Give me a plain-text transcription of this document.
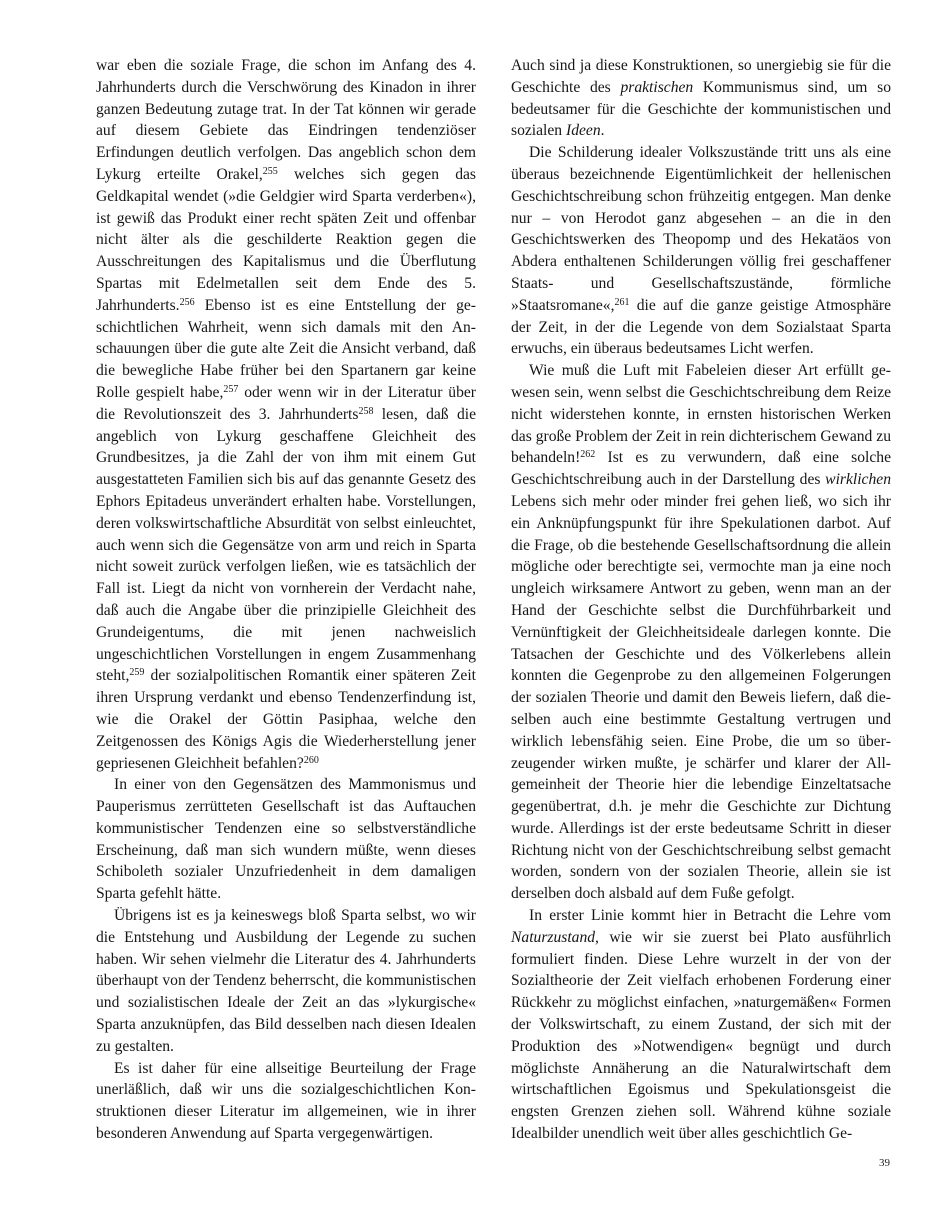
war eben die soziale Frage, die schon im Anfang des 4. Jahrhunderts durch die Verschwörung des Kinadon in ihrer ganzen Bedeutung zutage trat. In der Tat können wir gerade auf diesem Gebiete das Eindringen tendenziöser Erfindungen deutlich verfolgen. Das angeblich schon dem Lykurg erteilte Orakel,$^{255}$ welches sich gegen das Geldkapital wendet (»die Geldgier wird Sparta verderben«), ist gewiß das Produkt einer recht späten Zeit und offenbar nicht älter als die geschilderte Reaktion gegen die Ausschreitungen des Kapitalismus und die Überflutung Spartas mit Edelmetallen seit dem Ende des 5. Jahrhunderts.$^{256}$ Ebenso ist es eine Entstellung der geschichtlichen Wahrheit, wenn sich damals mit den Anschauungen über die gute alte Zeit die Ansicht verband, daß die bewegliche Habe früher bei den Spartanern gar keine Rolle gespielt habe,$^{257}$ oder wenn wir in der Literatur über die Revolutionszeit des 3. Jahrhunderts$^{258}$ lesen, daß die angeblich von Lykurg geschaffene Gleichheit des Grundbesitzes, ja die Zahl der von ihm mit einem Gut ausgestatteten Familien sich bis auf das genannte Gesetz des Ephors Epitadeus unverändert erhalten habe. Vorstellungen, deren volkswirtschaftliche Absurdität von selbst einleuchtet, auch wenn sich die Gegensätze von arm und reich in Sparta nicht soweit zurück verfolgen ließen, wie es tatsächlich der Fall ist. Liegt da nicht von vornherein der Verdacht nahe, daß auch die Angabe über die prinzipielle Gleichheit des Grundeigentums, die mit jenen nachweislich ungeschichtlichen Vorstellungen in engem Zusammenhang steht,$^{259}$ der sozialpolitischen Romantik einer späteren Zeit ihren Ursprung verdankt und ebenso Tendenzerfindung ist, wie die Orakel der Göttin Pasiphaa, welche den Zeitgenossen des Königs Agis die Wiederherstellung jener gepriesenen Gleichheit befahlen?$^{260}$

In einer von den Gegensätzen des Mammonismus und Pauperismus zerrütteten Gesellschaft ist das Auftauchen kommunistischer Tendenzen eine so selbstverständliche Erscheinung, daß man sich wundern müßte, wenn dieses Schiboleth sozialer Unzufriedenheit in dem damaligen Sparta gefehlt hätte.

Übrigens ist es ja keineswegs bloß Sparta selbst, wo wir die Entstehung und Ausbildung der Legende zu suchen haben. Wir sehen vielmehr die Literatur des 4. Jahrhunderts überhaupt von der Tendenz beherrscht, die kommunistischen und sozialistischen Ideale der Zeit an das »lykurgische« Sparta anzuknüpfen, das Bild desselben nach diesen Idealen zu gestalten.

Es ist daher für eine allseitige Beurteilung der Frage unerläßlich, daß wir uns die sozialgeschichtlichen Konstruktionen dieser Literatur im allgemeinen, wie in ihrer besonderen Anwendung auf Sparta vergegenwärtigen.

Auch sind ja diese Konstruktionen, so unergiebig sie für die Geschichte des praktischen Kommunismus sind, um so bedeutsamer für die Geschichte der kommunistischen und sozialen Ideen.

Die Schilderung idealer Volkszustände tritt uns als eine überaus bezeichnende Eigentümlichkeit der hellenischen Geschichtschreibung schon frühzeitig entgegen. Man denke nur – von Herodot ganz abgesehen – an die in den Geschichtswerken des Theopomp und des Hekatäos von Abdera enthaltenen Schilderungen völlig frei geschaffener Staats- und Gesellschaftszustände, förmliche »Staatsromane«,$^{261}$ die auf die ganze geistige Atmosphäre der Zeit, in der die Legende von dem Sozialstaat Sparta erwuchs, ein überaus bedeutsames Licht werfen.

Wie muß die Luft mit Fabeleien dieser Art erfüllt gewesen sein, wenn selbst die Geschichtschreibung dem Reize nicht widerstehen konnte, in ernsten historischen Werken das große Problem der Zeit in rein dichterischem Gewand zu behandeln!$^{262}$ Ist es zu verwundern, daß eine solche Geschichtschreibung auch in der Darstellung des wirklichen Lebens sich mehr oder minder frei gehen ließ, wo sich ihr ein Anknüpfungspunkt für ihre Spekulationen darbot. Auf die Frage, ob die bestehende Gesellschaftsordnung die allein mögliche oder berechtigte sei, vermochte man ja eine noch ungleich wirksamere Antwort zu geben, wenn man an der Hand der Geschichte selbst die Durchführbarkeit und Vernünftigkeit der Gleichheitsideale darlegen konnte. Die Tatsachen der Geschichte und des Völkerlebens allein konnten die Gegenprobe zu den allgemeinen Folgerungen der sozialen Theorie und damit den Beweis liefern, daß dieselben auch eine bestimmte Gestaltung vertrugen und wirklich lebensfähig seien. Eine Probe, die um so überzeugender wirken mußte, je schärfer und klarer der Allgemeinheit der Theorie hier die lebendige Einzeltatsache gegenübertrat, d.h. je mehr die Geschichte zur Dichtung wurde. Allerdings ist der erste bedeutsame Schritt in dieser Richtung nicht von der Geschichtschreibung selbst gemacht worden, sondern von der sozialen Theorie, allein sie ist derselben doch alsbald auf dem Fuße gefolgt.

In erster Linie kommt hier in Betracht die Lehre vom Naturzustand, wie wir sie zuerst bei Plato ausführlich formuliert finden. Diese Lehre wurzelt in der von der Sozialtheorie der Zeit vielfach erhobenen Forderung einer Rückkehr zu möglichst einfachen, »naturgemäßen« Formen der Volkswirtschaft, zu einem Zustand, der sich mit der Produktion des »Notwendigen« begnügt und durch möglichste Annäherung an die Naturalwirtschaft dem wirtschaftlichen Egoismus und Spekulationsgeist die engsten Grenzen ziehen soll. Während kühne soziale Idealbilder unendlich weit über alles geschichtlich Ge-

39
